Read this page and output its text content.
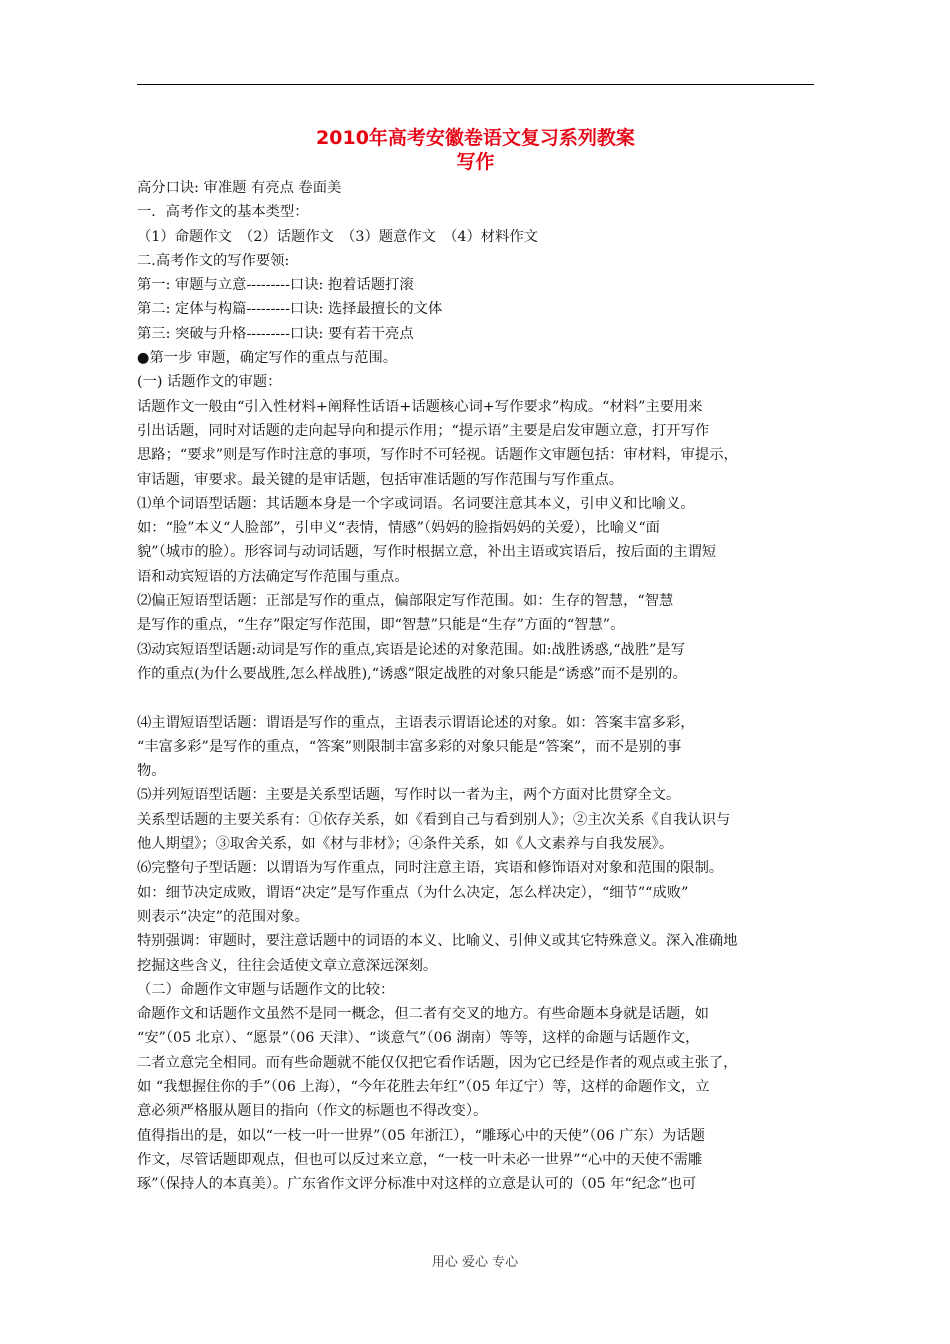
2010年高考安徽卷语文复习系列教案
写作

高分口诀: 审准题 有亮点 卷面美

一．高考作文的基本类型：

（1）命题作文　（2）话题作文　（3）题意作文　（4）材料作文

二.高考作文的写作要领:

第一: 审题与立意---------口诀: 抱着话题打滚

第二: 定体与构篇---------口诀: 选择最擅长的文体

第三: 突破与升格---------口诀: 要有若干亮点

●第一步 审题，确定写作的重点与范围。

(一) 话题作文的审题：

话题作文一般由“引入性材料+阐释性话语+话题核心词+写作要求”构成。“材料”主要用来

引出话题，同时对话题的走向起导向和提示作用；“提示语”主要是启发审题立意，打开写作

思路；“要求”则是写作时注意的事项，写作时不可轻视。话题作文审题包括：审材料，审提示，

审话题，审要求。最关键的是审话题，包括审准话题的写作范围与写作重点。

⑴单个词语型话题：其话题本身是一个字或词语。名词要注意其本义，引申义和比喻义。

如：“脸”本义“人脸部”，引申义“表情，情感”（妈妈的脸指妈妈的关爱），比喻义“面

貌”（城市的脸）。形容词与动词话题，写作时根据立意，补出主语或宾语后，按后面的主谓短

语和动宾短语的方法确定写作范围与重点。

⑵偏正短语型话题：正部是写作的重点，偏部限定写作范围。如：生存的智慧，“智慧

是写作的重点，“生存”限定写作范围，即“智慧”只能是“生存”方面的“智慧”。

⑶动宾短语型话题:动词是写作的重点,宾语是论述的对象范围。如:战胜诱惑,“战胜”是写

作的重点(为什么要战胜,怎么样战胜),“诱惑”限定战胜的对象只能是“诱惑”而不是别的。

⑷主谓短语型话题：谓语是写作的重点，主语表示谓语论述的对象。如：答案丰富多彩，

“丰富多彩”是写作的重点，“答案”则限制丰富多彩的对象只能是“答案”，而不是别的事

物。

⑸并列短语型话题：主要是关系型话题，写作时以一者为主，两个方面对比贯穿全文。

关系型话题的主要关系有：①依存关系，如《看到自己与看到别人》；②主次关系《自我认识与

他人期望》；③取舍关系，如《材与非材》；④条件关系，如《人文素养与自我发展》。

⑹完整句子型话题：以谓语为写作重点，同时注意主语，宾语和修饰语对对象和范围的限制。

如：细节决定成败，谓语“决定”是写作重点（为什么决定，怎么样决定），“细节”“成败”

则表示“决定”的范围对象。

特别强调：审题时，要注意话题中的词语的本义、比喻义、引伸义或其它特殊意义。深入准确地

挖掘这些含义，往往会适使文章立意深远深刻。

（二）命题作文审题与话题作文的比较：

命题作文和话题作文虽然不是同一概念，但二者有交叉的地方。有些命题本身就是话题，如

“安”（05 北京）、“愿景”（06 天津）、“谈意气”（06 湖南）等等，这样的命题与话题作文，

二者立意完全相同。而有些命题就不能仅仅把它看作话题，因为它已经是作者的观点或主张了，

如 “我想握住你的手”（06 上海），“今年花胜去年红”（05 年辽宁）等，这样的命题作文，立

意必须严格服从题目的指向（作文的标题也不得改变）。

值得指出的是，如以“一枝一叶一世界”（05 年浙江），“雕琢心中的天使”（06 广东）为话题

作文，尽管话题即观点，但也可以反过来立意，“一枝一叶未必一世界”“心中的天使不需雕

琢”（保持人的本真美）。广东省作文评分标准中对这样的立意是认可的（05 年“纪念”也可

用心 爱心 专心
